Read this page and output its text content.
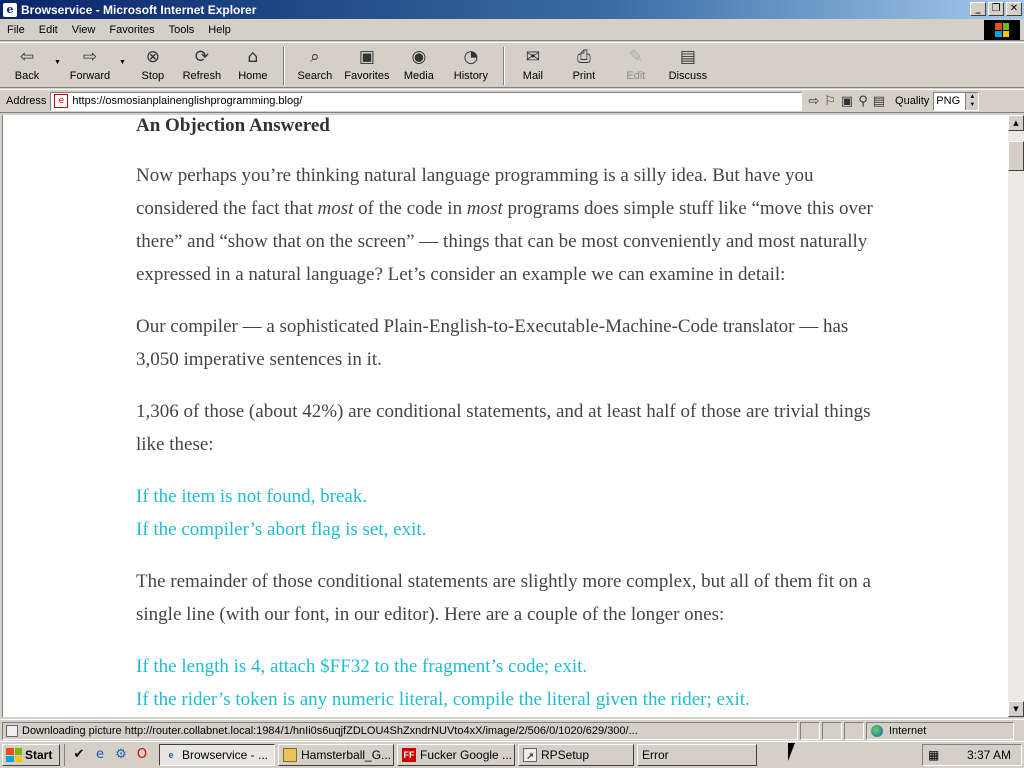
e Browservice - Microsoft Internet Explorer	_	❐ ✕
File	Edit	View	Favorites	Tools	Help
⇦
Back
▼ ⇨
Forward
▼ ⊗
Stop
⟳
Refresh
⌂
Home
⌕
Search
▣
Favorites
◉
Media
◔
History
✉
Mail
⎙
Print
✎
Edit
▤
Discuss
Address	e https://osmosianplainenglishprogramming.blog/	⇨ ⚐ ▣ ⚲ ▤ Quality PNG	▲
▼
An Objection Answered

Now perhaps you’re thinking natural language programming is a silly idea. But have you considered the fact that most of the code in most programs does simple stuff like “move this over there” and “show that on the screen” — things that can be most conveniently and most naturally expressed in a natural language? Let’s consider an example we can examine in detail:

Our compiler — a sophisticated Plain-English-to-Executable-Machine-Code translator — has 3,050 imperative sentences in it.

1,306 of those (about 42%) are conditional statements, and at least half of those are trivial things like these:

If the item is not found, break.
If the compiler’s abort flag is set, exit.

The remainder of those conditional statements are slightly more complex, but all of them fit on a single line (with our font, in our editor). Here are a couple of the longer ones:

If the length is 4, attach $FF32 to the fragment’s code; exit.
If the rider’s token is any numeric literal, compile the literal given the rider; exit.
▲
▼
Downloading picture http://router.collabnet.local:1984/1/hnIi0s6uqjfZDLOU4ShZxndrNUVto4xX/image/2/506/0/1020/629/300/...	Internet
Start ✔ e ⚙ O	e Browservice - ...	Hamsterball_G... FF Fucker Google ...	↗ RPSetup	Error	▦ 3:37 AM
